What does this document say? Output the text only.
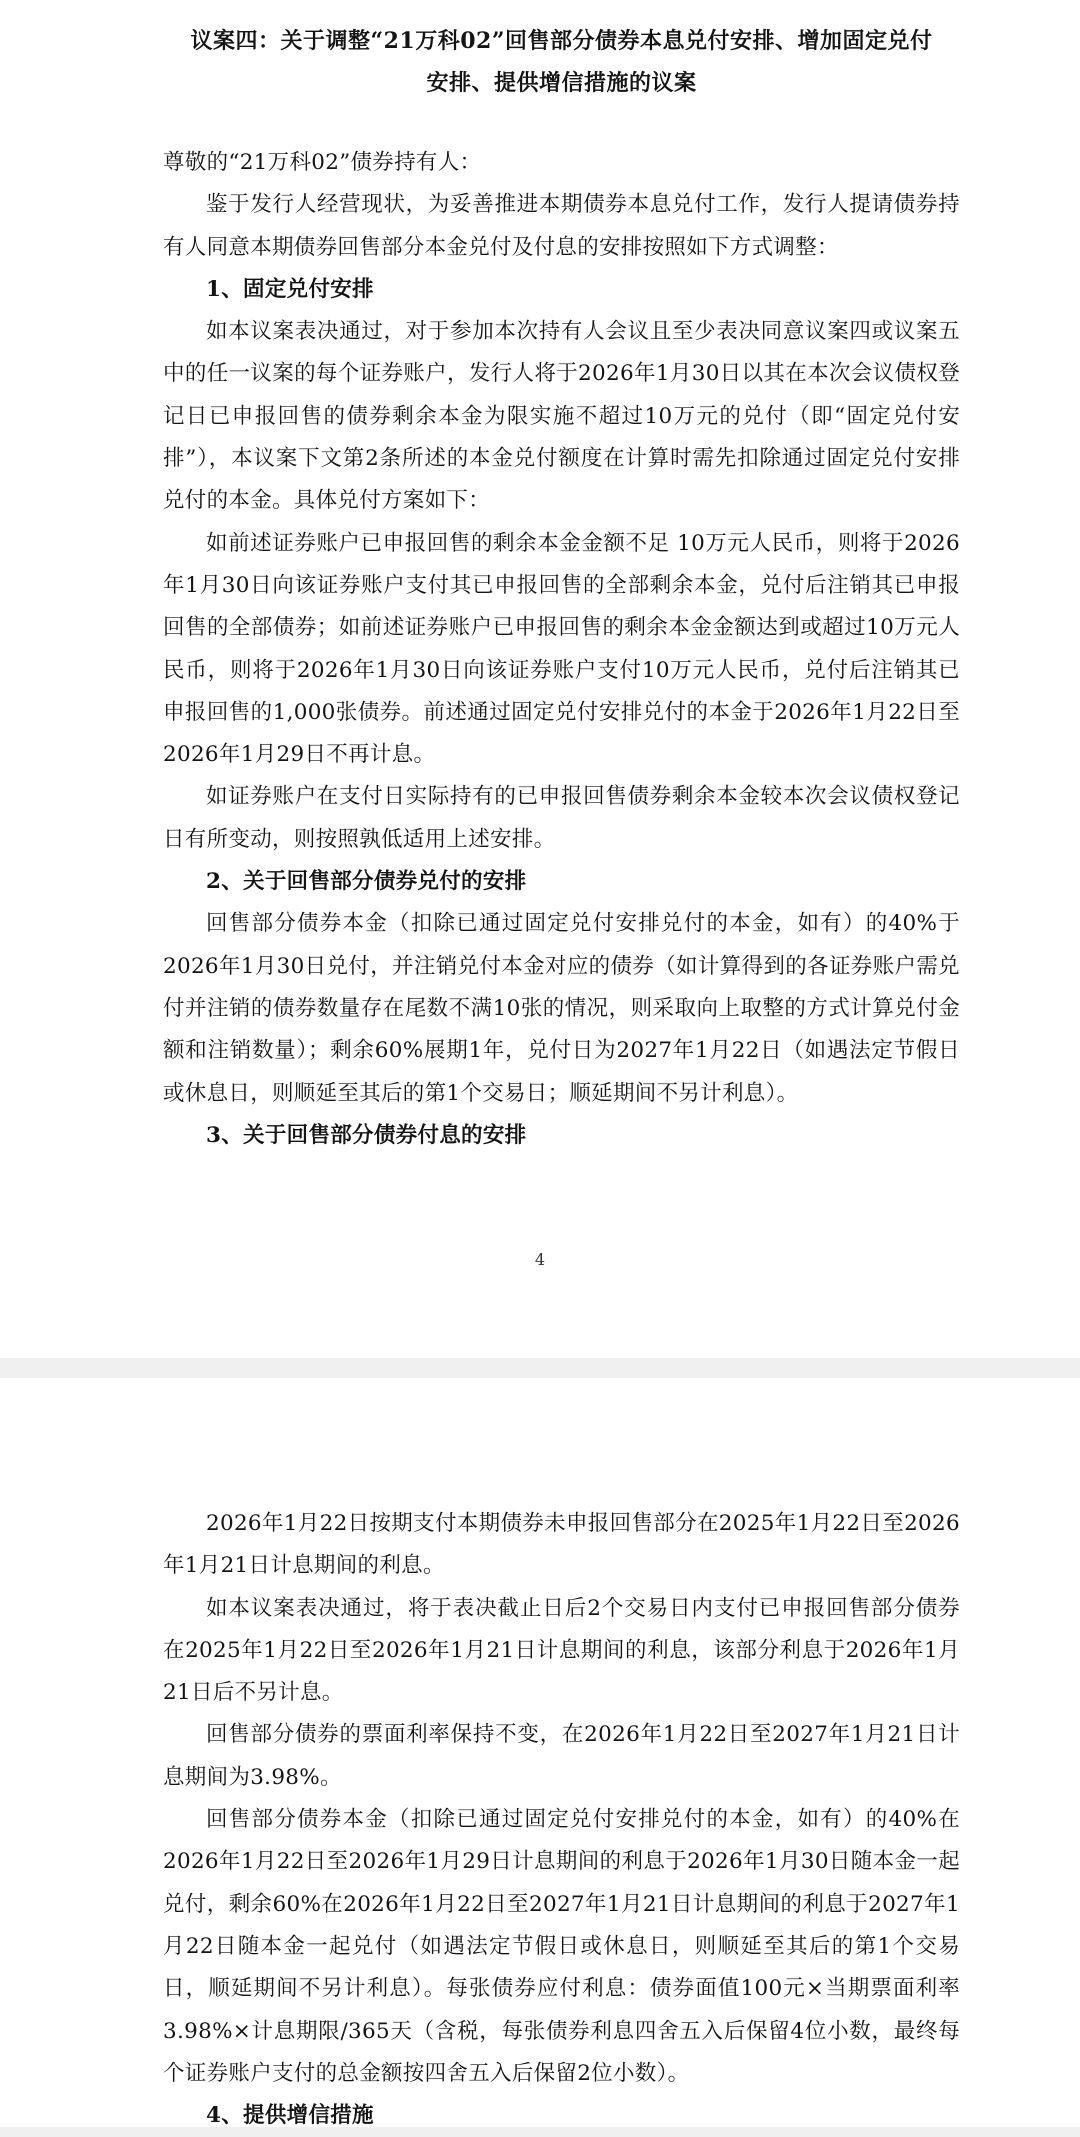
议案四：关于调整“21万科02”回售部分债券本息兑付安排、增加固定兑付
安排、提供增信措施的议案

尊敬的“21万科02”债券持有人：

鉴于发行人经营现状，为妥善推进本期债券本息兑付工作，发行人提请债券持有人同意本期债券回售部分本金兑付及付息的安排按照如下方式调整：

1、固定兑付安排

如本议案表决通过，对于参加本次持有人会议且至少表决同意议案四或议案五中的任一议案的每个证券账户，发行人将于2026年1月30日以其在本次会议债权登记日已申报回售的债券剩余本金为限实施不超过10万元的兑付（即“固定兑付安排”），本议案下文第2条所述的本金兑付额度在计算时需先扣除通过固定兑付安排兑付的本金。具体兑付方案如下：

如前述证券账户已申报回售的剩余本金金额不足 10万元人民币，则将于2026年1月30日向该证券账户支付其已申报回售的全部剩余本金，兑付后注销其已申报回售的全部债券；如前述证券账户已申报回售的剩余本金金额达到或超过10万元人民币，则将于2026年1月30日向该证券账户支付10万元人民币，兑付后注销其已申报回售的1,000张债券。前述通过固定兑付安排兑付的本金于2026年1月22日至2026年1月29日不再计息。

如证券账户在支付日实际持有的已申报回售债券剩余本金较本次会议债权登记日有所变动，则按照孰低适用上述安排。

2、关于回售部分债券兑付的安排

回售部分债券本金（扣除已通过固定兑付安排兑付的本金，如有）的40%于2026年1月30日兑付，并注销兑付本金对应的债券（如计算得到的各证券账户需兑付并注销的债券数量存在尾数不满10张的情况，则采取向上取整的方式计算兑付金额和注销数量）；剩余60%展期1年，兑付日为2027年1月22日（如遇法定节假日或休息日，则顺延至其后的第1个交易日；顺延期间不另计利息）。

3、关于回售部分债券付息的安排
4

2026年1月22日按期支付本期债券未申报回售部分在2025年1月22日至2026年1月21日计息期间的利息。

如本议案表决通过，将于表决截止日后2个交易日内支付已申报回售部分债券在2025年1月22日至2026年1月21日计息期间的利息，该部分利息于2026年1月21日后不另计息。

回售部分债券的票面利率保持不变，在2026年1月22日至2027年1月21日计息期间为3.98%。

回售部分债券本金（扣除已通过固定兑付安排兑付的本金，如有）的40%在2026年1月22日至2026年1月29日计息期间的利息于2026年1月30日随本金一起兑付，剩余60%在2026年1月22日至2027年1月21日计息期间的利息于2027年1月22日随本金一起兑付（如遇法定节假日或休息日，则顺延至其后的第1个交易日，顺延期间不另计利息）。每张债券应付利息：债券面值100元×当期票面利率3.98%×计息期限/365天（含税，每张债券利息四舍五入后保留4位小数，最终每个证券账户支付的总金额按四舍五入后保留2位小数）。

4、提供增信措施
